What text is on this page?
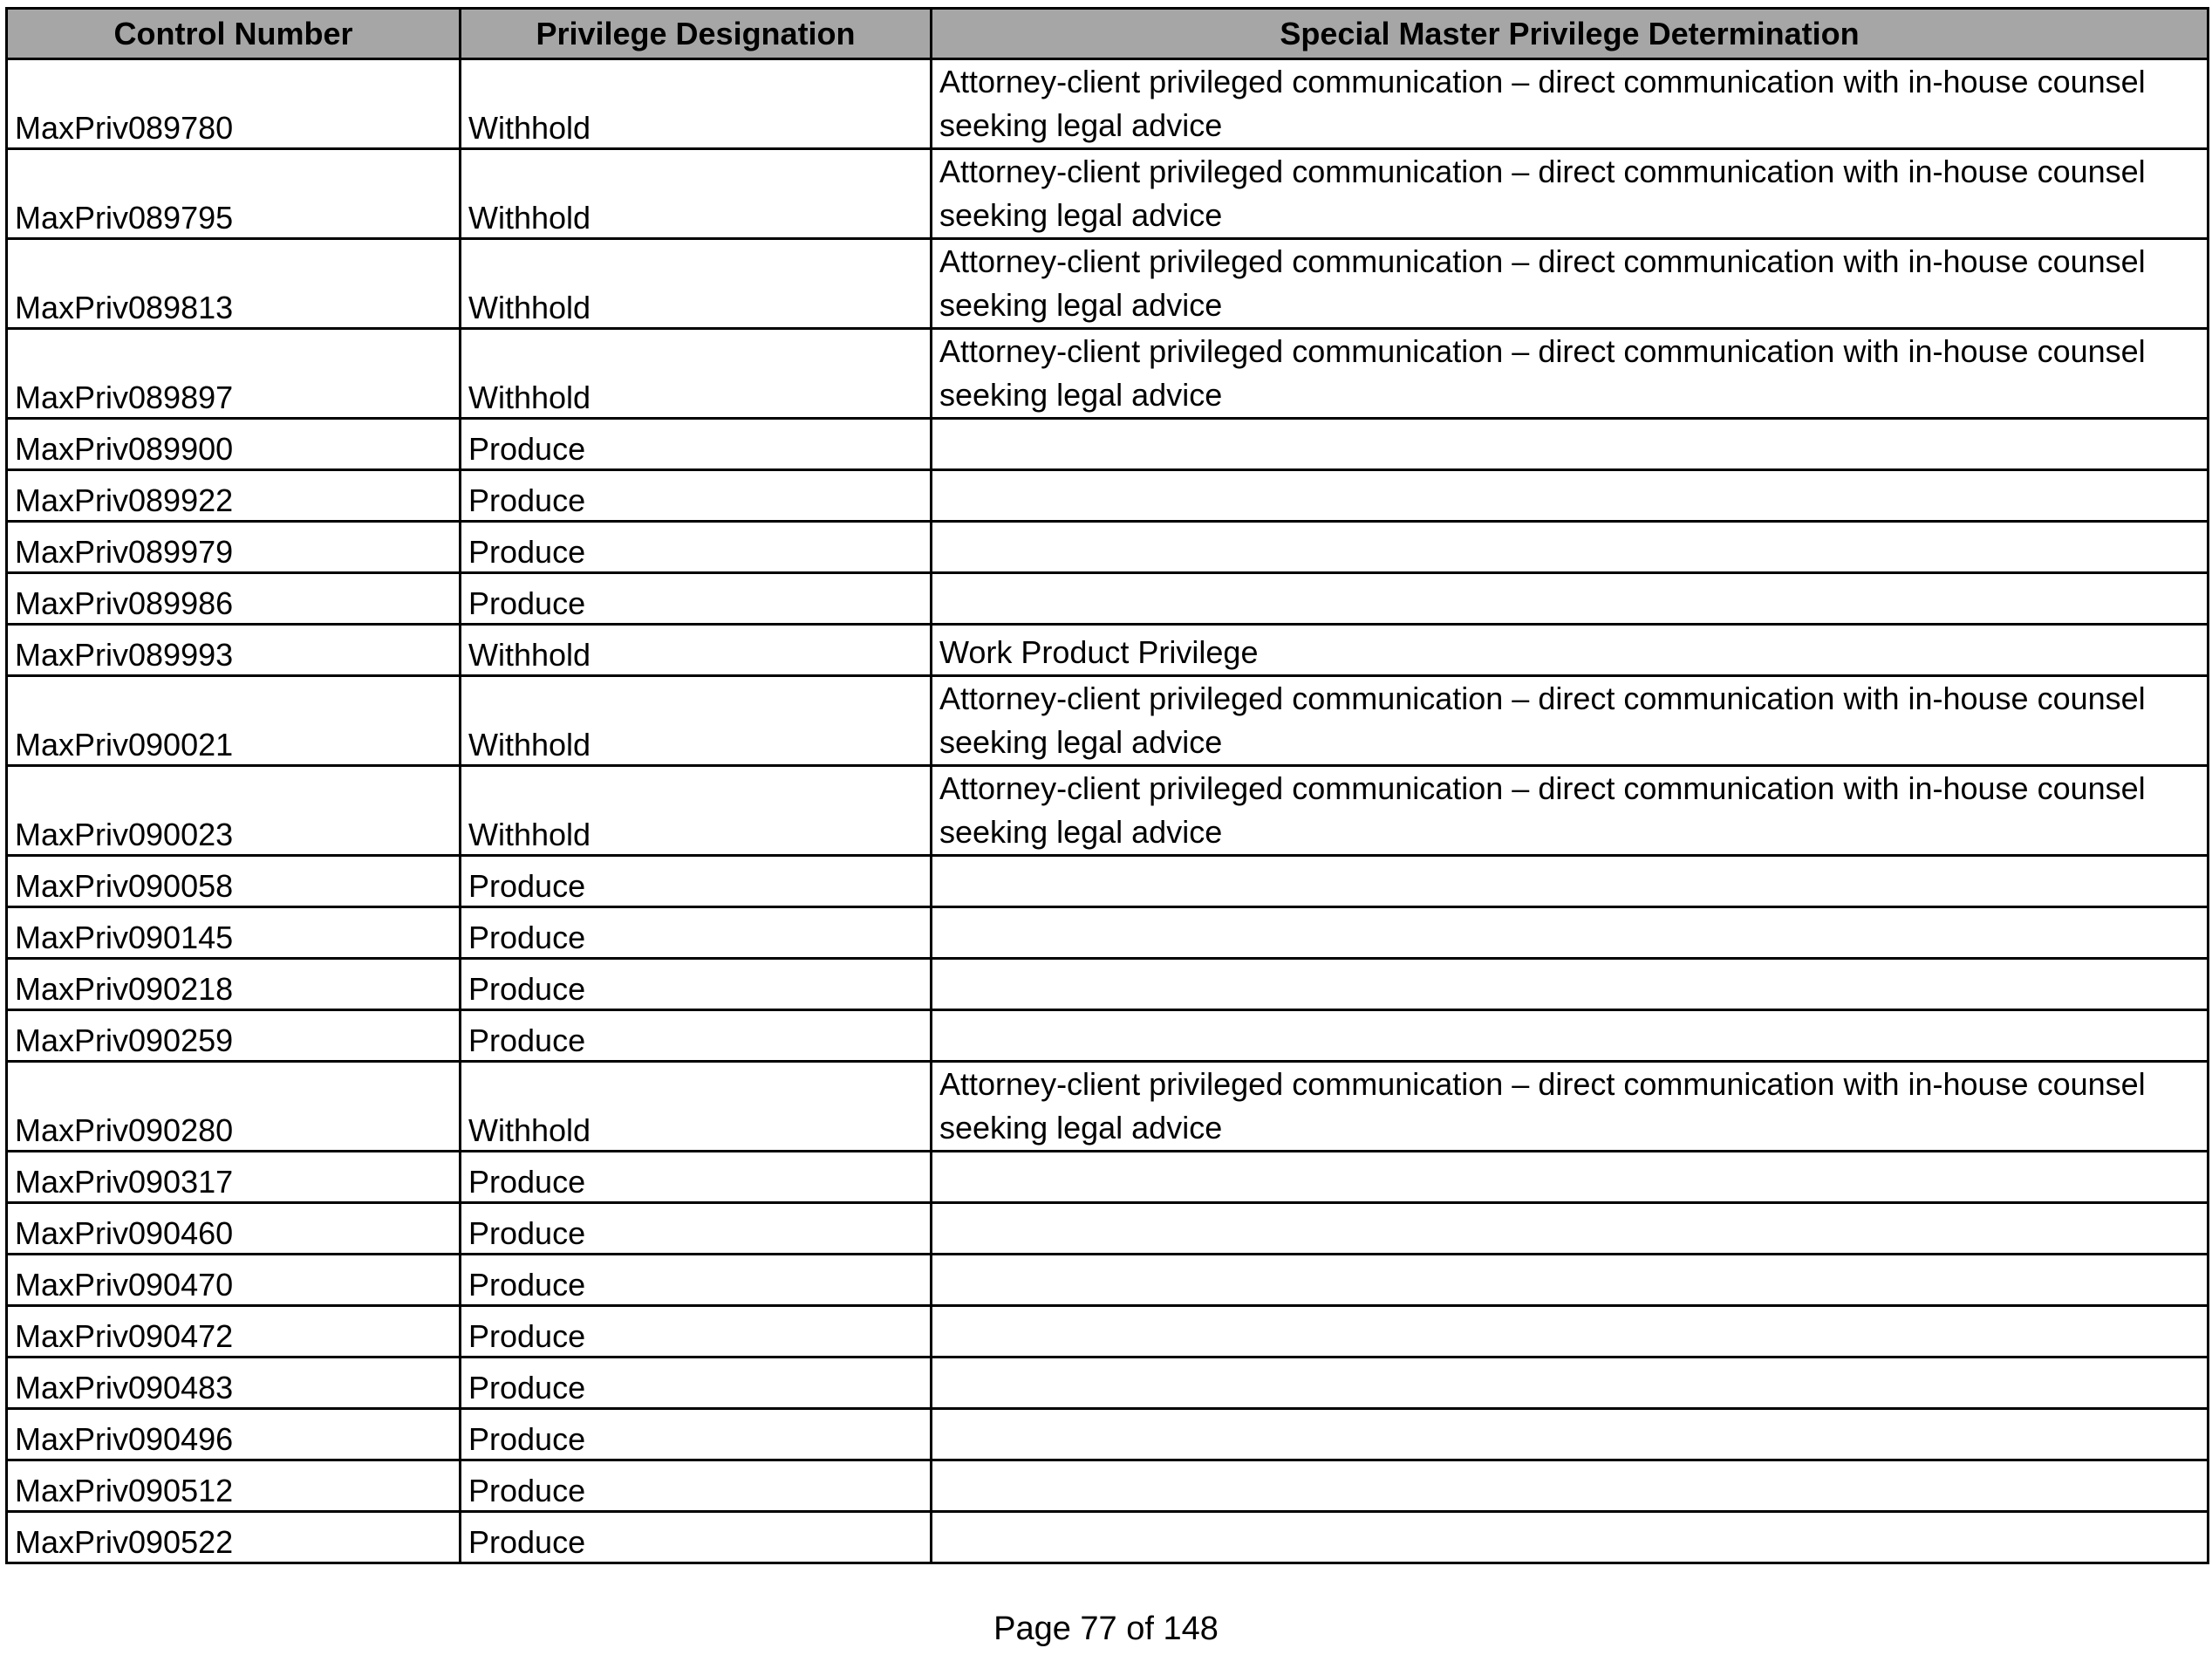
Control Number	Privilege Designation	Special Master Privilege Determination
MaxPriv089780	Withhold	Attorney-client privileged communication – direct communication with in-house counsel seeking legal advice
MaxPriv089795	Withhold	Attorney-client privileged communication – direct communication with in-house counsel seeking legal advice
MaxPriv089813	Withhold	Attorney-client privileged communication – direct communication with in-house counsel seeking legal advice
MaxPriv089897	Withhold	Attorney-client privileged communication – direct communication with in-house counsel seeking legal advice
MaxPriv089900	Produce	
MaxPriv089922	Produce	
MaxPriv089979	Produce	
MaxPriv089986	Produce	
MaxPriv089993	Withhold	Work Product Privilege
MaxPriv090021	Withhold	Attorney-client privileged communication – direct communication with in-house counsel seeking legal advice
MaxPriv090023	Withhold	Attorney-client privileged communication – direct communication with in-house counsel seeking legal advice
MaxPriv090058	Produce	
MaxPriv090145	Produce	
MaxPriv090218	Produce	
MaxPriv090259	Produce	
MaxPriv090280	Withhold	Attorney-client privileged communication – direct communication with in-house counsel seeking legal advice
MaxPriv090317	Produce	
MaxPriv090460	Produce	
MaxPriv090470	Produce	
MaxPriv090472	Produce	
MaxPriv090483	Produce	
MaxPriv090496	Produce	
MaxPriv090512	Produce	
MaxPriv090522	Produce	
Page 77 of 148
